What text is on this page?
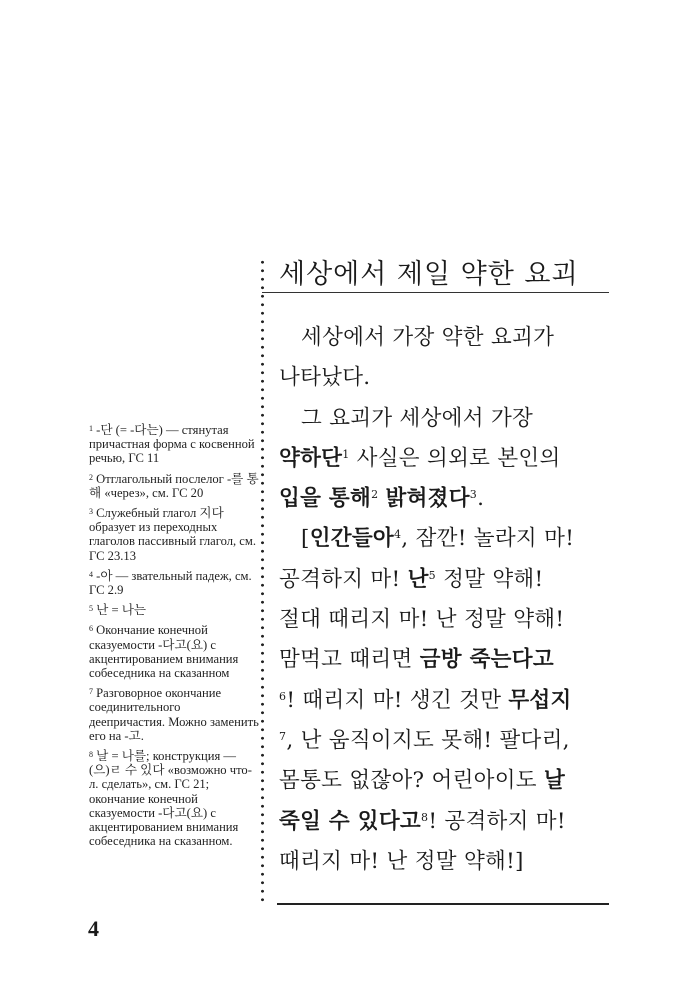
세상에서 제일 약한 요괴
세상에서 가장 약한 요괴가
나타났다.
그 요괴가 세상에서 가장
약하단$^1$ 사실은 의외로 본인의
입을 통해$^2$ 밝혀졌다$^3$.
[인간들아$^4$, 잠깐! 놀라지 마!
공격하지 마! 난$^5$ 정말 약해!
절대 때리지 마! 난 정말 약해!
맘먹고 때리면 금방 죽는다고
$^6$! 때리지 마! 생긴 것만 무섭지
$^7$, 난 움직이지도 못해! 팔다리,
몸통도 없잖아? 어린아이도 날
죽일 수 있다고$^8$! 공격하지 마!
때리지 마! 난 정말 약해!]
$^1$ -단 (= -다는) — стянутая причастная форма с косвенной речью, ГС 11
$^2$ Отглагольный послелог -를 통해 «через», см. ГС 20
$^3$ Служебный глагол 지다 образует из переходных глаголов пассивный глагол, см. ГС 23.13
$^4$ -아 — звательный падеж, см. ГС 2.9
$^5$ 난 = 나는
$^6$ Окончание конечной сказуемости -다고(요) с акцентированием внимания собеседника на сказанном
$^7$ Разговорное окончание соединительного деепричастия. Можно заменить его на -고.
$^8$ 날 = 나를; конструкция — (으)ㄹ 수 있다 «возможно что-л. сделать», см. ГС 21; окончание конечной сказуемости -다고(요) с акцентированием внимания собеседника на сказанном.
4
